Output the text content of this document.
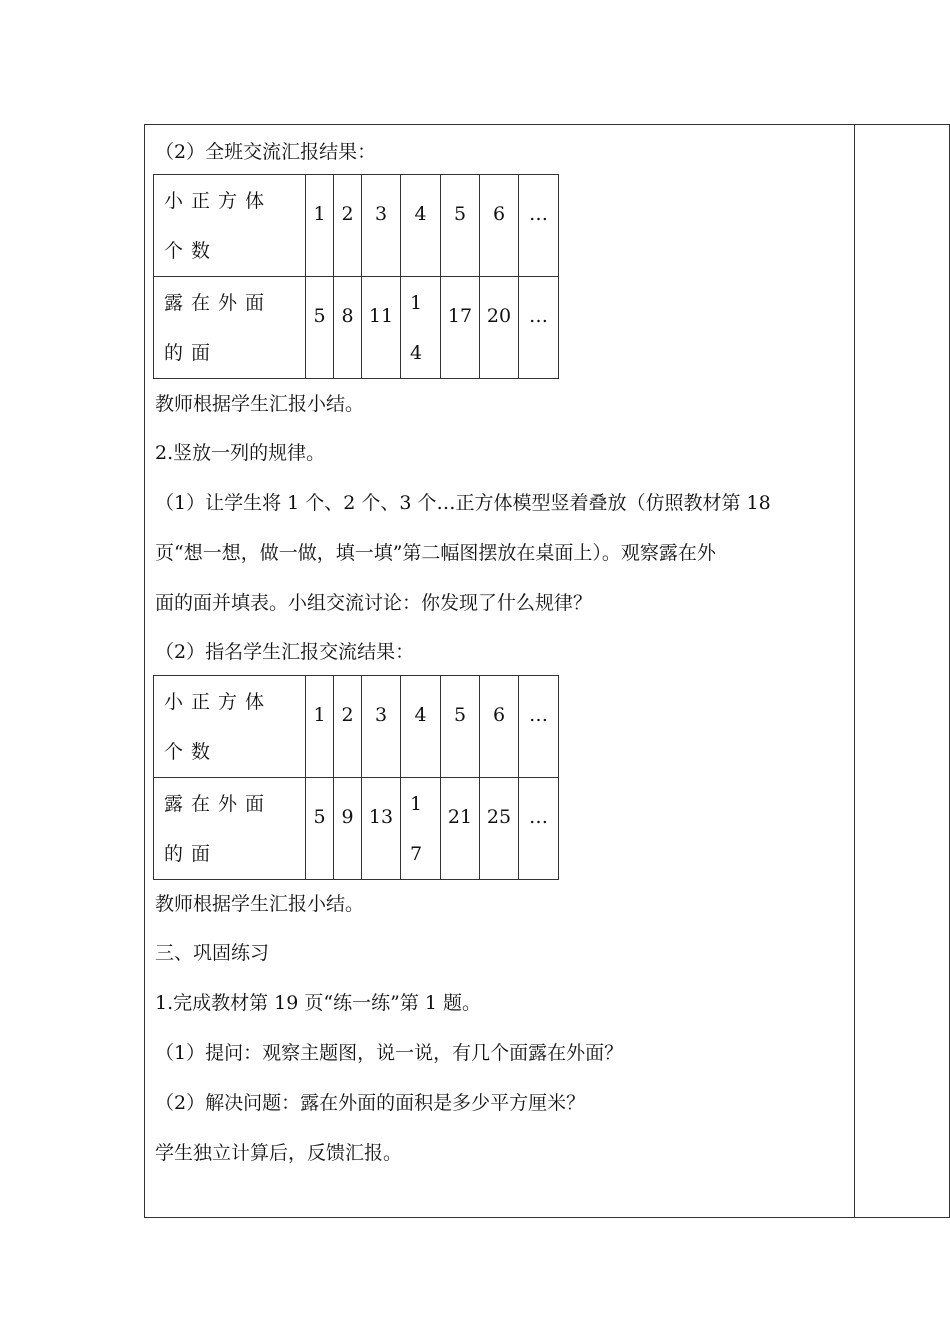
（2）全班交流汇报结果：
小正方体个数	1	2	3	4	5	6	…

露在外面的面	5	8	11	14	17	20	…
教师根据学生汇报小结。
2.竖放一列的规律。
（1）让学生将 1 个、2 个、3 个…正方体模型竖着叠放（仿照教材第 18
页“想一想，做一做，填一填”第二幅图摆放在桌面上）。观察露在外
面的面并填表。小组交流讨论：你发现了什么规律？
（2）指名学生汇报交流结果：
小正方体个数	1	2	3	4	5	6	…

露在外面的面	5	9	13	17	21	25	…
教师根据学生汇报小结。
三、巩固练习
1.完成教材第 19 页“练一练”第 1 题。
（1）提问：观察主题图，说一说，有几个面露在外面？
（2）解决问题：露在外面的面积是多少平方厘米？
学生独立计算后，反馈汇报。
